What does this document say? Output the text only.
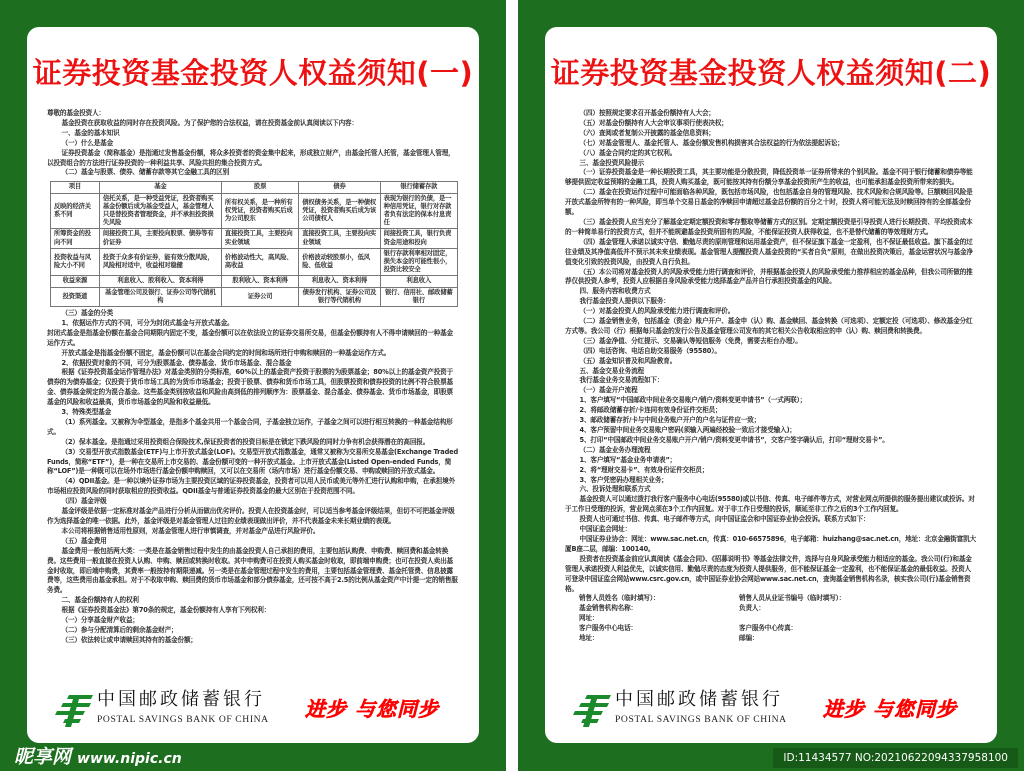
证券投资基金投资人权益须知(一)

尊敬的基金投资人：

基金投资在获取收益的同时存在投资风险。为了保护您的合法权益，请在投资基金前认真阅读以下内容：

一、基金的基本知识

（一）什么是基金

证券投资基金（简称基金）是指通过发售基金份额，将众多投资者的资金集中起来，形成独立财产，由基金托管人托管，基金管理人管理，以投资组合的方法进行证券投资的一种利益共享、风险共担的集合投资方式。

（二）基金与股票、债券、储蓄存款等其它金融工具的区别

项目	基金	股票	债券	银行储蓄存款
反映的经济关系不同	信托关系，是一种受益凭证，投资者购买基金份额后成为基金受益人，基金管理人只是替投资者管理资金，并不承担投资损失风险	所有权关系，是一种所有权凭证，投资者购买后成为公司股东	债权债务关系，是一种债权凭证，投资者购买后成为该公司债权人	表现为银行的负债，是一种信用凭证，银行对存款者负有法定的保本付息责任
所筹资金的投向不同	间接投资工具，主要投向股票、债券等有价证券	直接投资工具，主要投向实业领域	直接投资工具，主要投向实业领域	间接投资工具，银行负责资金用途和投向
投资收益与风险大小不同	投资于众多有价证券，能有效分散风险，风险相对适中，收益相对稳健	价格波动性大，高风险、高收益	价格波动较股票小，低风险、低收益	银行存款利率相对固定，损失本金的可能性很小，投资比较安全
收益来源	利息收入、股利收入、资本利得	股利收入、资本利得	利息收入、资本利得	利息收入
投资渠道	基金管理公司及银行、证券公司等代销机构	证券公司	债券发行机构、证券公司及银行等代销机构	银行、信用社、邮政储蓄银行

（三）基金的分类

1、依据运作方式的不同，可分为封闭式基金与开放式基金。

封闭式基金是指基金份额在基金合同期限内固定不变，基金份额可以在依法设立的证券交易所交易，但基金份额持有人不得申请赎回的一种基金运作方式。

开放式基金是指基金份额不固定，基金份额可以在基金合同约定的时间和场所进行申购和赎回的一种基金运作方式。

2、依据投资对象的不同，可分为股票基金、债券基金、货币市场基金、混合基金

根据《证券投资基金运作管理办法》对基金类别的分类标准，60%以上的基金资产投资于股票的为股票基金；80%以上的基金资产投资于债券的为债券基金；仅投资于货币市场工具的为货币市场基金；投资于股票、债券和货币市场工具，但股票投资和债券投资的比例不符合股票基金、债券基金规定的为混合基金。这些基金类别按收益和风险由高到低的排列顺序为：股票基金、混合基金、债券基金、货币市场基金，即股票基金的风险和收益最高，货币市场基金的风险和收益最低。

3、特殊类型基金

（1）系列基金。又被称为伞型基金，是指多个基金共用一个基金合同，子基金独立运作，子基金之间可以进行相互转换的一种基金结构形式。

（2）保本基金。是指通过采用投资组合保险技术,保证投资者的投资目标是在锁定下跌风险的同时力争有机会获得潜在的高回报。

（3）交易型开放式指数基金(ETF)与上市开放式基金(LOF)。交易型开放式指数基金，通常又被称为交易所交易基金(Exchange Traded Funds，简称“ETF”)，是一种在交易所上市交易的、基金份额可变的一种开放式基金。上市开放式基金(Listed Open-ended Funds，简称“LOF”)是一种既可以在场外市场进行基金份额申购赎回，又可以在交易所（场内市场）进行基金份额交易、申购或赎回的开放式基金。

（4）QDII基金。是一种以境外证券市场为主要投资区域的证券投资基金，投资者可以用人民币或美元等外汇进行认购和申购，在承担境外市场相应投资风险的同时获取相应的投资收益。QDII基金与普通证券投资基金的最大区别在于投资范围不同。

（四）基金评级

基金评级是依据一定标准对基金产品进行分析从而做出优劣评价。投资人在投资基金时，可以适当参考基金评级结果，但切不可把基金评级作为选择基金的唯一依据。此外，基金评级是对基金管理人过往的业绩表现做出评价，并不代表基金未来长期业绩的表现。

本公司将根据销售适用性原则，对基金管理人进行审慎调查，并对基金产品进行风险评价。

（五）基金费用

基金费用一般包括两大类：一类是在基金销售过程中发生的由基金投资人自己承担的费用，主要包括认购费、申购费、赎回费和基金转换费。这些费用一般直接在投资人认购、申购、赎回或转换时收取。其中申购费可在投资人购买基金时收取，即前端申购费；也可在投资人卖出基金时收取，即后端申购费，其费率一般按持有期限递减。另一类是在基金管理过程中发生的费用，主要包括基金管理费、基金托管费、信息披露费等，这些费用由基金承担。对于不收取申购、赎回费的货币市场基金和部分债券基金，还可按不高于2.5的比例从基金资产中计提一定的销售服务费。

二、基金份额持有人的权利

根据《证券投资基金法》第70条的规定，基金份额持有人享有下列权利：

（一）分享基金财产收益；

（二）参与分配清算后的剩余基金财产；

（三）依法转让或申请赎回其持有的基金份额；

中国邮政储蓄银行
POSTAL SAVINGS BANK OF CHINA 进步 与您同步
昵享网 www.nipic.cn
证券投资基金投资人权益须知(二)

（四）按照规定要求召开基金份额持有人大会；

（五）对基金份额持有人大会审议事项行使表决权；

（六）查阅或者复制公开披露的基金信息资料；

（七）对基金管理人、基金托管人、基金份额发售机构损害其合法权益的行为依法提起诉讼；

（八）基金合同约定的其它权利。

三、基金投资风险提示

（一）证券投资基金是一种长期投资工具，其主要功能是分散投资，降低投资单一证券所带来的个别风险。基金不同于银行储蓄和债券等能够提供固定收益预期的金融工具，投资人购买基金，既可能按其持有份额分享基金投资所产生的收益，也可能承担基金投资所带来的损失。

（二）基金在投资运作过程中可能面临各种风险，既包括市场风险，也包括基金自身的管理风险、技术风险和合规风险等。巨额赎回风险是开放式基金所特有的一种风险，即当单个交易日基金的净赎回申请超过基金总份额的百分之十时，投资人将可能无法及时赎回持有的全部基金份额。

（三）基金投资人应当充分了解基金定期定额投资和零存整取等储蓄方式的区别。定期定额投资是引导投资人进行长期投资、平均投资成本的一种简单易行的投资方式，但并不能规避基金投资所固有的风险，不能保证投资人获得收益，也不是替代储蓄的等效理财方式。

（四）基金管理人承诺以诚实守信、勤勉尽责的原则管理和运用基金资产，但不保证旗下基金一定盈利，也不保证最低收益。旗下基金的过往业绩及其净值高低并不预示其未来业绩表现。基金管理人提醒投资人基金投资的“买者自负”原则，在做出投资决策后，基金运营状况与基金净值变化引致的投资风险，由投资人自行负担。

（五）本公司将对基金投资人的风险承受能力进行调查和评价，并根据基金投资人的风险承受能力推荐相应的基金品种，但我公司所做的推荐仅供投资人参考，投资人应根据自身风险承受能力选择基金产品并自行承担投资基金的风险。

四、服务内容和收费方式

我行基金投资人提供以下服务：

（一）对基金投资人的风险承受能力进行调查和评价。

（二）基金销售业务，包括基金（资金）账户开户、基金申（认）购、基金赎回、基金转换（可选项）、定额定投（可选项）、修改基金分红方式等。我公司（行）根据每只基金的发行公告及基金管理公司发布的其它相关公告收取相应的申（认）购、赎回费和转换费。

（三）基金净值、分红提示、交易确认等短信服务（免费，需要去柜台办理）。

（四）电话咨询、电话自助交易服务（95580）。

（五）基金知识普及和风险教育。

五、基金交易业务流程

我行基金业务交易流程如下：

（一）基金开户流程

1、客户填写“中国邮政中间业务交易账户/销户/资料变更申请书”（一式两联）；

2、将邮政储蓄存折/卡连同有效身份证件交柜员；

3、邮政储蓄存折/卡与中间业务账户开户的户名与证件应一致；

4、客户预留中间业务交易账户密码(须输入两遍经校验一致后才接受输入)；

5、打印“中国邮政中间业务交易账户开户/销户/资料变更申请书”，交客户签字确认后，打印“理财交易卡”。

（二）基金业务办理流程

1、客户填写“基金业务申请表”；

2、将“理财交易卡”、有效身份证件交柜员；

3、客户凭密码办理相关业务；

六、投诉处理和联系方式

基金投资人可以通过拨打我行客户服务中心电话(95580)或以书信、传真、电子邮件等方式，对营业网点所提供的服务提出建议或投诉。对于工作日受理的投诉，营业网点须在3个工作内回复。对于非工作日受理的投诉，顺延至非工作之后的3个工作内回复。

投资人也可通过书信、传真、电子邮件等方式，向中国证监会和中国证券业协会投诉。联系方式如下：

中国证监会网址：

中国证券业协会：网址：www.sac.net.cn，传真：010-66575896，电子邮箱：huizhang@sac.net.cn，地址：北京金融街富凯大厦B座二层，邮编：100140。

投资者在投资基金前应认真阅读《基金合同》、《招募说明书》等基金法律文件，选择与自身风险承受能力相适应的基金。我公司(行)和基金管理人承诺投资人利益优先，以诚实信用、勤勉尽责的态度为投资人提供服务，但不能保证基金一定盈利，也不能保证基金的最低收益。投资人可登录中国证监会网站www.csrc.gov.cn，或中国证券业协会网站www.sac.net.cn，查询基金销售机构名录，核实我公司(行)基金销售资格。

销售人员姓名（临时填写）：	销售人员从业证书编号（临时填写）：
基金销售机构名称：	负责人：
网址：

客户服务中心电话：	客户服务中心传真：
地址：	邮编：
中国邮政储蓄银行
POSTAL SAVINGS BANK OF CHINA 进步 与您同步
ID:11434577 NO:20210622094337958100
